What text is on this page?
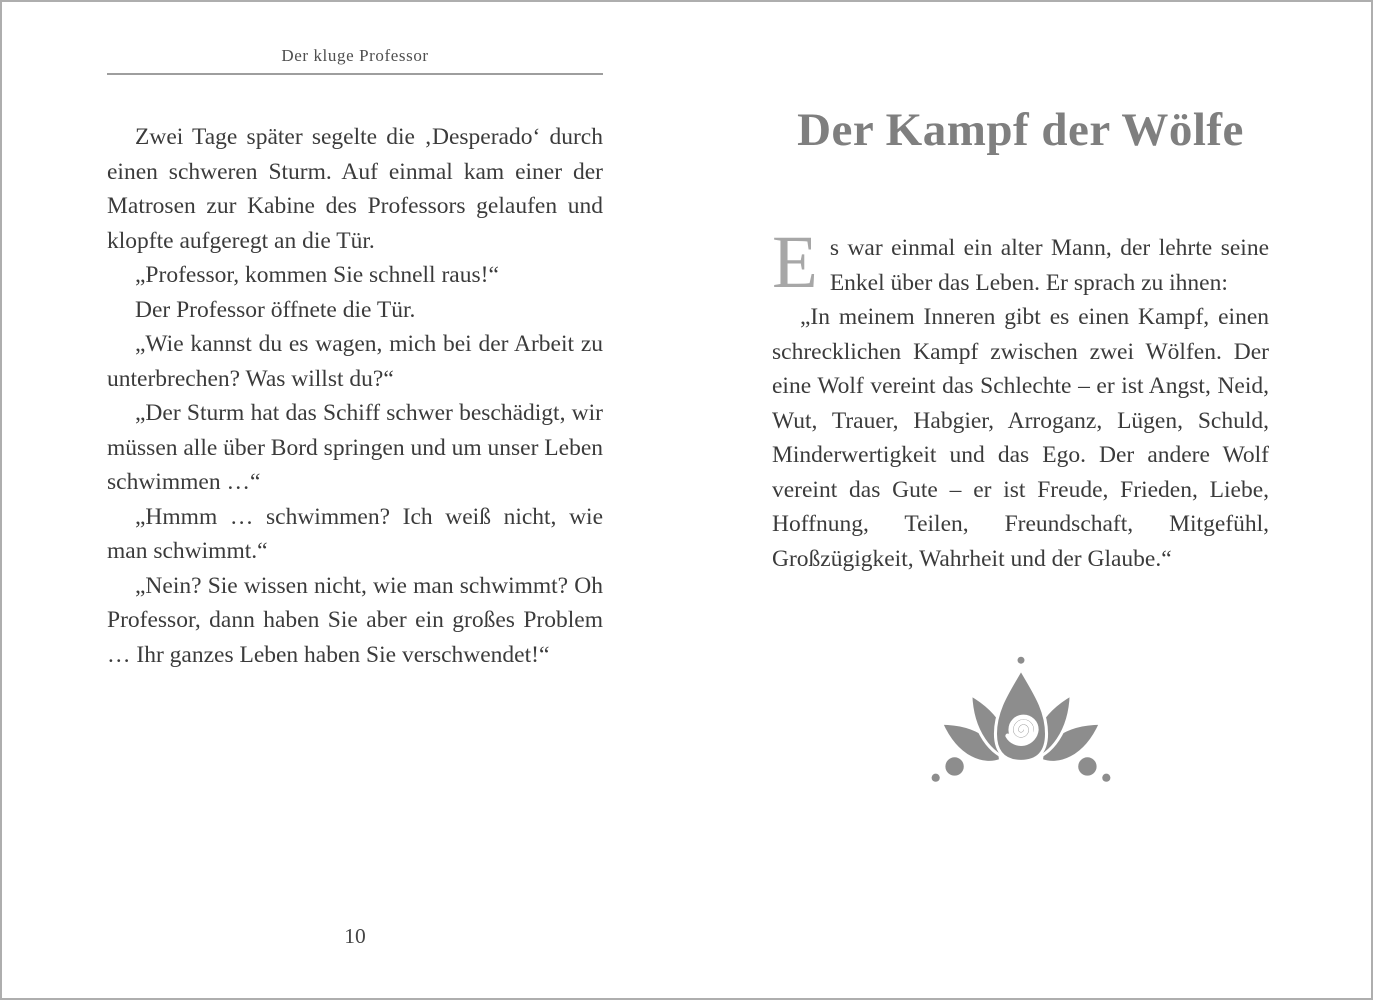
Der kluge Professor

Zwei Tage später segelte die ‚Desperado‘ durch einen schweren Sturm. Auf einmal kam einer der Matrosen zur Kabine des Professors gelaufen und klopfte aufgeregt an die Tür.

„Professor, kommen Sie schnell raus!“

Der Professor öffnete die Tür.

„Wie kannst du es wagen, mich bei der Arbeit zu unterbrechen? Was willst du?“

„Der Sturm hat das Schiff schwer beschädigt, wir müssen alle über Bord springen und um unser Leben schwimmen …“

„Hmmm … schwimmen? Ich weiß nicht, wie man schwimmt.“

„Nein? Sie wissen nicht, wie man schwimmt? Oh Professor, dann haben Sie aber ein großes Problem … Ihr ganzes Leben haben Sie verschwendet!“

10
Der Kampf der Wölfe

Es war einmal ein alter Mann, der lehrte seine Enkel über das Leben. Er sprach zu ihnen:

„In meinem Inneren gibt es einen Kampf, einen schrecklichen Kampf zwischen zwei Wölfen. Der eine Wolf vereint das Schlechte – er ist Angst, Neid, Wut, Trauer, Habgier, Arroganz, Lügen, Schuld, Minderwertigkeit und das Ego. Der andere Wolf vereint das Gute – er ist Freude, Frieden, Liebe, Hoffnung, Teilen, Freundschaft, Mitgefühl, Großzügigkeit, Wahrheit und der Glaube.“
